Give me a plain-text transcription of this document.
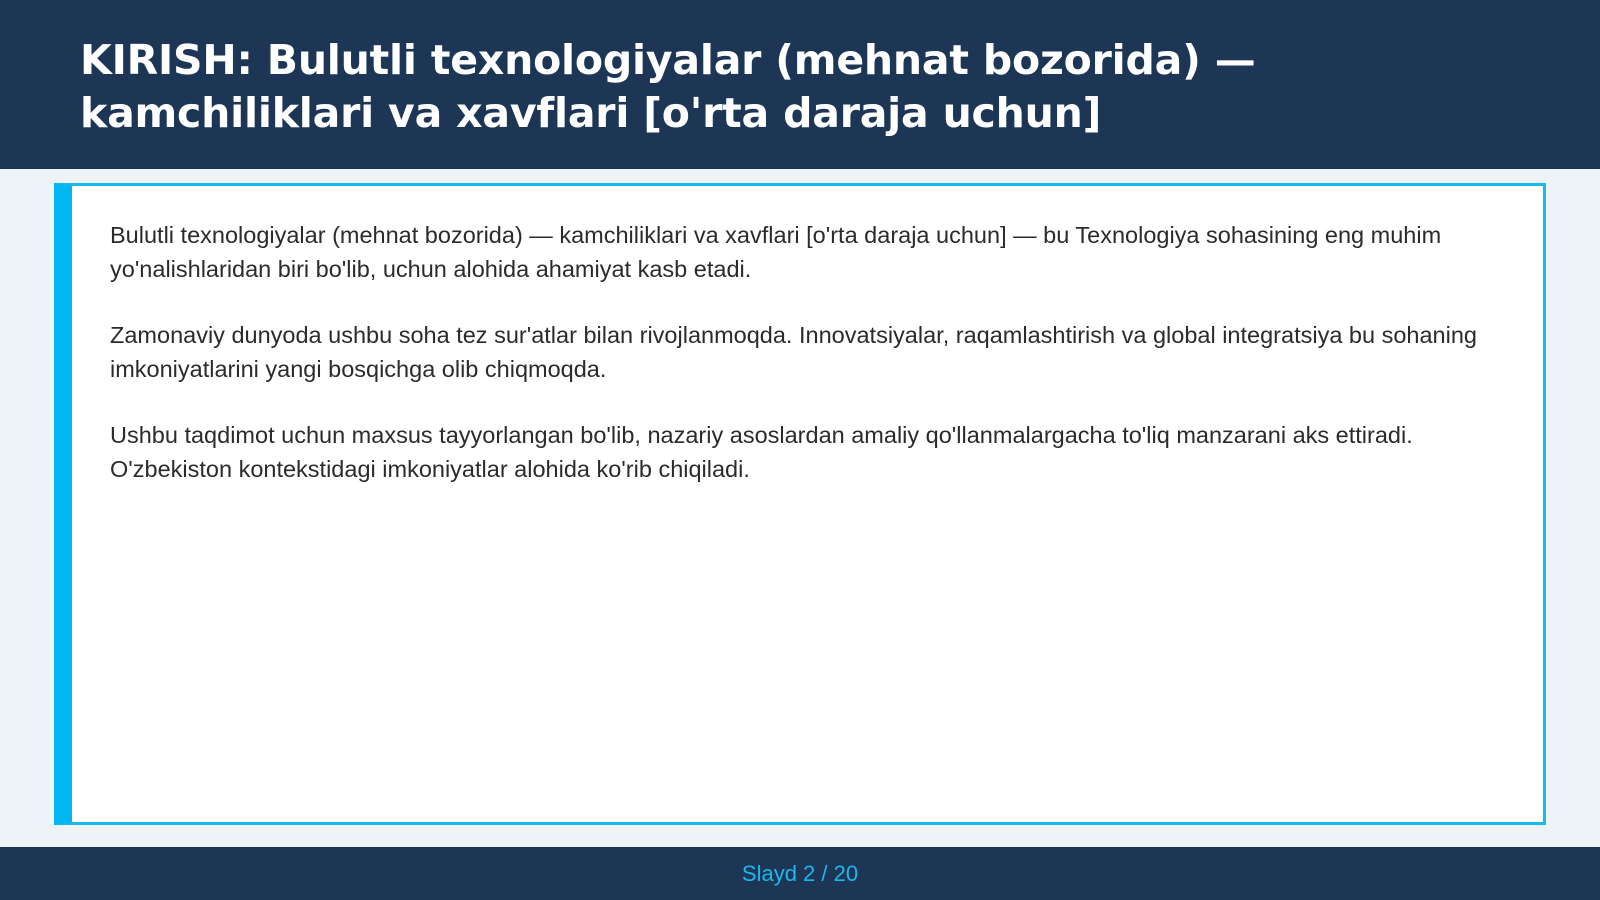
KIRISH: Bulutli texnologiyalar (mehnat bozorida) — kamchiliklari va xavflari [o'rta daraja uchun]

Bulutli texnologiyalar (mehnat bozorida) — kamchiliklari va xavflari [o'rta daraja uchun] — bu Texnologiya sohasining eng muhim yo'nalishlaridan biri bo'lib, uchun alohida ahamiyat kasb etadi.

Zamonaviy dunyoda ushbu soha tez sur'atlar bilan rivojlanmoqda. Innovatsiyalar, raqamlashtirish va global integratsiya bu sohaning imkoniyatlarini yangi bosqichga olib chiqmoqda.

Ushbu taqdimot uchun maxsus tayyorlangan bo'lib, nazariy asoslardan amaliy qo'llanmalargacha to'liq manzarani aks ettiradi. O'zbekiston kontekstidagi imkoniyatlar alohida ko'rib chiqiladi.

Slayd 2 / 20
